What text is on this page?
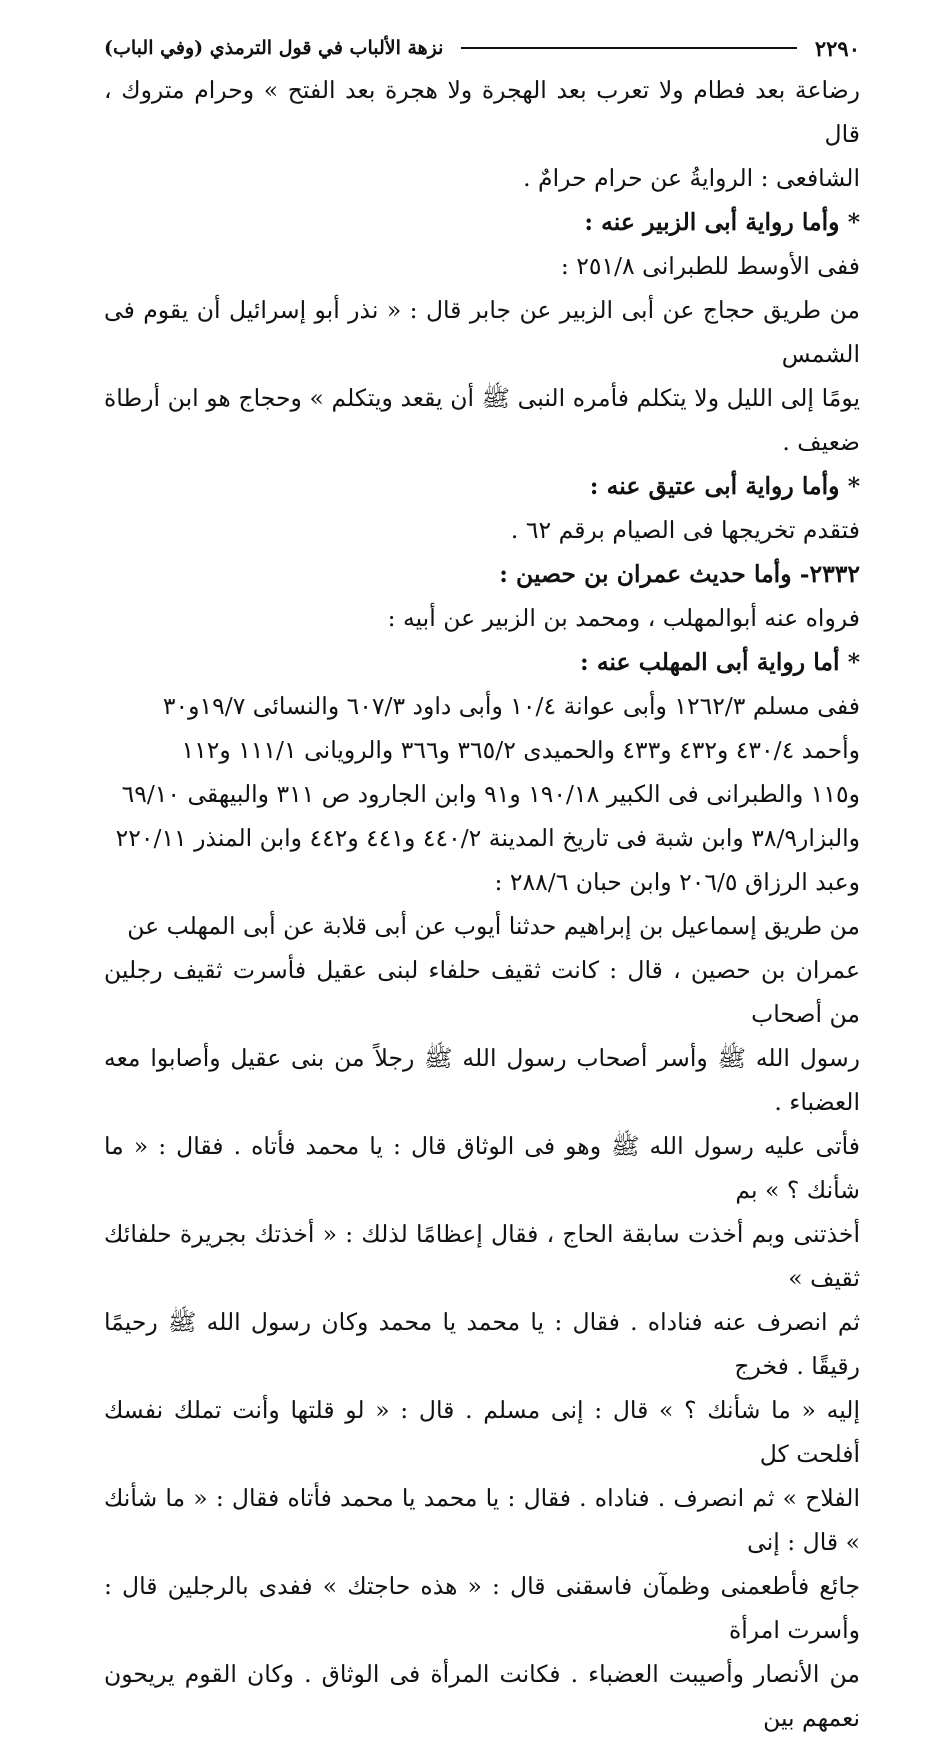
٢٢٩٠
نزهة الألباب في قول الترمذي (وفي الباب)

رضاعة بعد فطام ولا تعرب بعد الهجرة ولا هجرة بعد الفتح » وحرام متروك ، قال

الشافعى : الروايةُ عن حرام حرامٌ .

* وأما رواية أبى الزبير عنه :

ففى الأوسط للطبرانى ٢٥١/٨ :

من طريق حجاج عن أبى الزبير عن جابر قال : « نذر أبو إسرائيل أن يقوم فى الشمس

يومًا إلى الليل ولا يتكلم فأمره النبى ﷺ أن يقعد ويتكلم » وحجاج هو ابن أرطاة ضعيف .

* وأما رواية أبى عتيق عنه :

فتقدم تخريجها فى الصيام برقم ٦٢ .

٢٣٣٢- وأما حديث عمران بن حصين :

فرواه عنه أبوالمهلب ، ومحمد بن الزبير عن أبيه :

* أما رواية أبى المهلب عنه :

ففى مسلم ١٢٦٢/٣ وأبى عوانة ١٠/٤ وأبى داود ٦٠٧/٣ والنسائى ١٩/٧و٣٠

وأحمد ٤٣٠/٤ و٤٣٢ و٤٣٣ والحميدى ٣٦٥/٢ و٣٦٦ والرويانى ١١١/١ و١١٢

و١١٥ والطبرانى فى الكبير ١٩٠/١٨ و٩١ وابن الجارود ص ٣١١ والبيهقى ٦٩/١٠

والبزار٣٨/٩ وابن شبة فى تاريخ المدينة ٤٤٠/٢ و٤٤١ و٤٤٢ وابن المنذر ٢٢٠/١١

وعبد الرزاق ٢٠٦/٥ وابن حبان ٢٨٨/٦ :

من طريق إسماعيل بن إبراهيم حدثنا أيوب عن أبى قلابة عن أبى المهلب عن

عمران بن حصين ، قال : كانت ثقيف حلفاء لبنى عقيل فأسرت ثقيف رجلين من أصحاب

رسول الله ﷺ وأسر أصحاب رسول الله ﷺ رجلاً من بنى عقيل وأصابوا معه العضباء .

فأتى عليه رسول الله ﷺ وهو فى الوثاق قال : يا محمد فأتاه . فقال : « ما شأنك ؟ » بم

أخذتنى وبم أخذت سابقة الحاج ، فقال إعظامًا لذلك : « أخذتك بجريرة حلفائك ثقيف »

ثم انصرف عنه فناداه . فقال : يا محمد يا محمد وكان رسول الله ﷺ رحيمًا رقيقًا . فخرج

إليه « ما شأنك ؟ » قال : إنى مسلم . قال : « لو قلتها وأنت تملك نفسك أفلحت كل

الفلاح » ثم انصرف . فناداه . فقال : يا محمد يا محمد فأتاه فقال : « ما شأنك » قال : إنى

جائع فأطعمنى وظمآن فاسقنى قال : « هذه حاجتك » ففدى بالرجلين قال : وأسرت امرأة

من الأنصار وأصيبت العضباء . فكانت المرأة فى الوثاق . وكان القوم يريحون نعمهم بين
